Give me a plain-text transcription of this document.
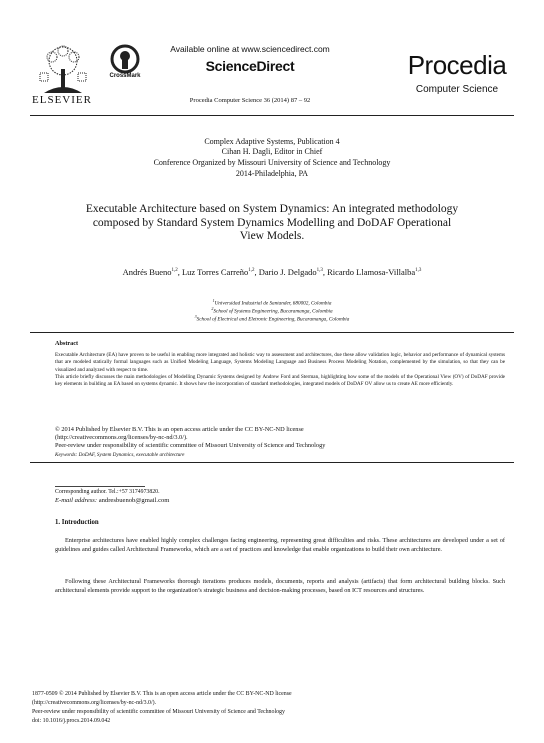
ELSEVIER
CrossMark
Available online at www.sciencedirect.com
ScienceDirect
Procedia Computer Science 36 (2014) 87 – 92
Procedia
Computer Science
Complex Adaptive Systems, Publication 4
Cihan H. Dagli, Editor in Chief
Conference Organized by Missouri University of Science and Technology
2014-Philadelphia, PA
Executable Architecture based on System Dynamics: An integrated methodology
composed by Standard System Dynamics Modelling and DoDAF Operational
View Models.
Andrés Bueno$^{1,2}$, Luz Torres Carreño$^{1,2}$, Dario J. Delgado$^{1,3}$, Ricardo Llamosa-Villalba$^{1,3}$
$^1$Universidad Industrial de Santander, 680002, Colombia
$^2$School of Systems Engineering, Bucaramanga, Colombia
$^3$School of Electrical and Eletronic Engineering, Bucaramanga, Colombia
Abstract

Executable Architecture (EA) have proven to be useful in enabling more integrated and holistic way to assessment and architectures, due these allow validation logic, behavior and performance of dynamical systems that are modeled statically formal languages such as Unified Modeling Language, Systems Modeling Language and Business Process Modeling Notation, complemented by the simulation, so that they can be visualized and analyzed with respect to time.

This article briefly discusses the main methodologies of Modelling Dynamic Systems designed by Andrew Ford and Sterman, highlighting how some of the models of the Operational View (OV) of DoDAF provide key elements in building an EA based on systems dynamic. It shows how the incorporation of standard methodologies, integrated models of DoDAF OV allow us to create AE more efficiently.

© 2014 Published by Elsevier B.V. This is an open access article under the CC BY-NC-ND license
(http://creativecommons.org/licenses/by-nc-nd/3.0/).
Peer-review under responsibility of scientific committee of Missouri University of Science and Technology
Keywords: DoDAF, System Dynamics, executable architecture
Corresponding author. Tel.:+57 3174973820.
E-mail address: andresbuenob@gmail.com
1. Introduction
Enterprise architectures have enabled highly complex challenges facing engineering, representing great difficulties and risks. These architectures are developed under a set of guidelines and guides called Architectural Frameworks, which are a set of practices and knowledge that enable organizations to build their own architecture.
Following these Architectural Frameworks thorough iterations produces models, documents, reports and analysis (artifacts) that form architectural building blocks. Such architectural elements provide support to the organization’s strategic business and decision-making processes, based on ICT resources and structures.
1877-0509 © 2014 Published by Elsevier B.V. This is an open access article under the CC BY-NC-ND license
(http://creativecommons.org/licenses/by-nc-nd/3.0/).
Peer-review under responsibility of scientific committee of Missouri University of Science and Technology
doi: 10.1016/j.procs.2014.09.042
